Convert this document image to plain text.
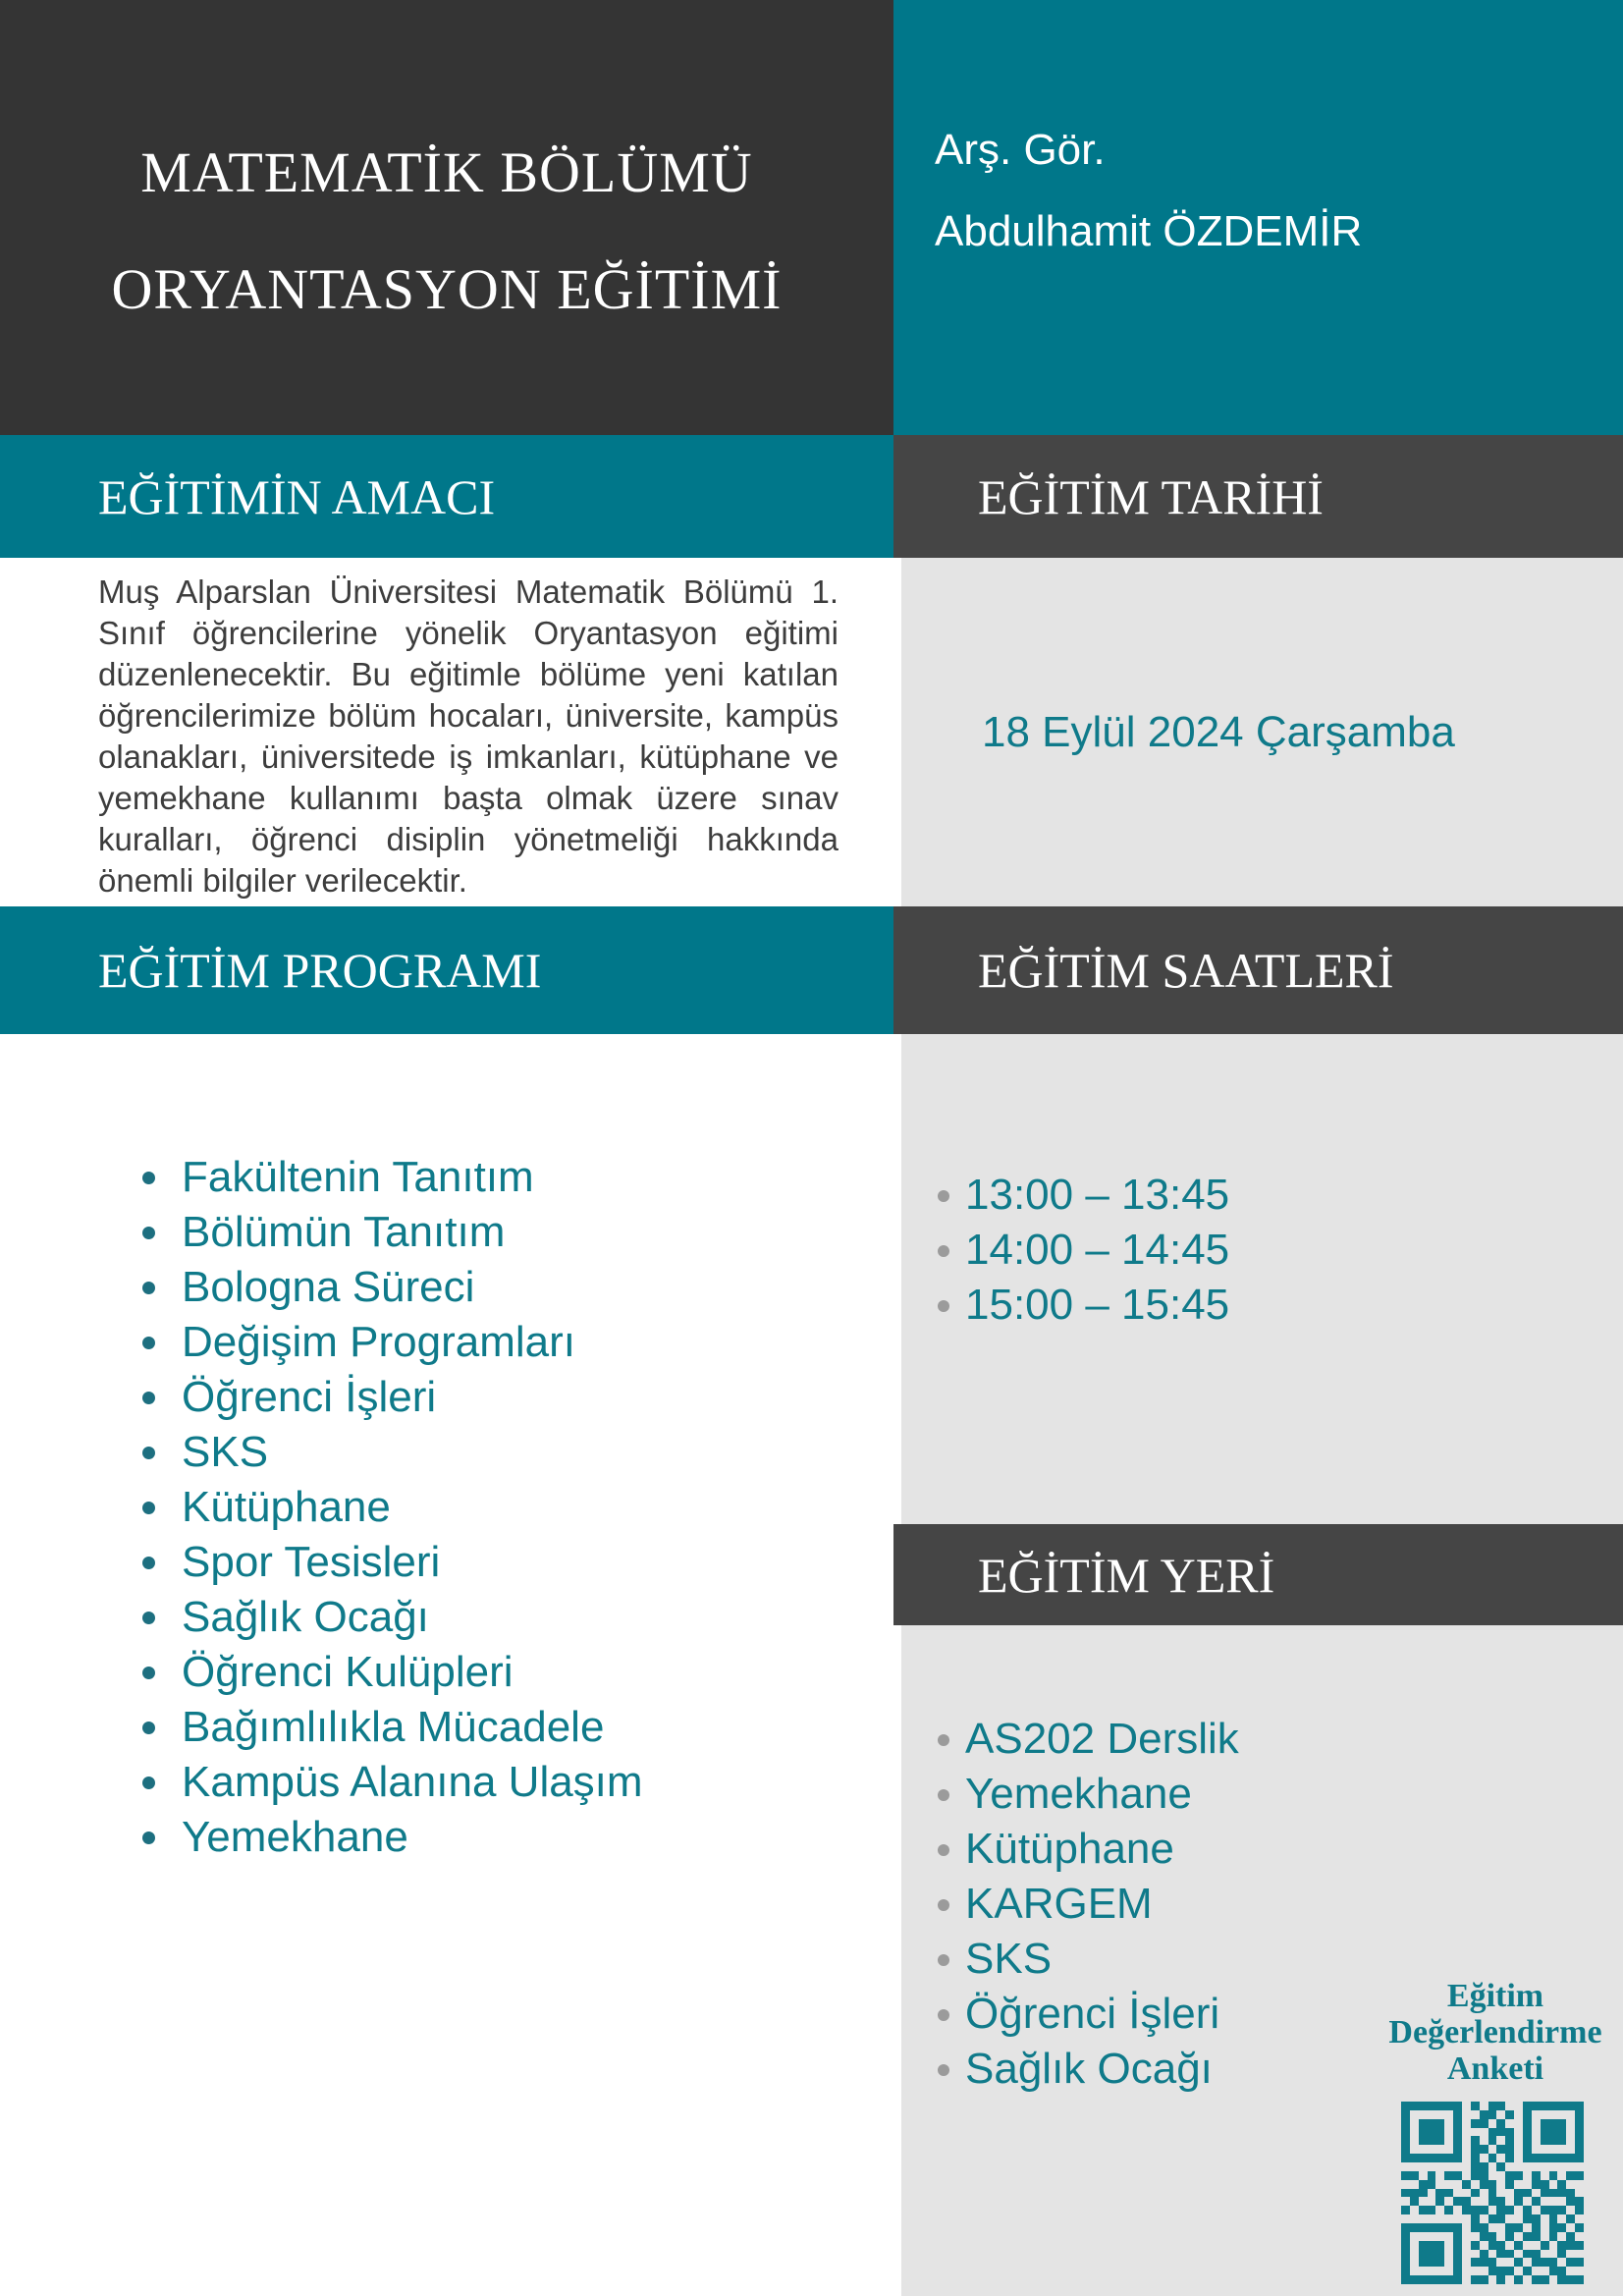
MATEMATİK BÖLÜMÜ
ORYANTASYON EĞİTİMİ
Arş. Gör.
Abdulhamit ÖZDEMİR
EĞİTİMİN AMACI	EĞİTİM TARİHİ
EĞİTİM PROGRAMI	EĞİTİM SAATLERİ
EĞİTİM YERİ

Muş Alparslan Üniversitesi Matematik Bölümü 1. Sınıf öğrencilerine yönelik Oryantasyon eğitimi düzenlenecektir. Bu eğitimle bölüme yeni katılan öğrencilerimize bölüm hocaları, üniversite, kampüs olanakları, üniversitede iş imkanları, kütüphane ve yemekhane kullanımı başta olmak üzere sınav kuralları, öğrenci disiplin yönetmeliği hakkında önemli bilgiler verilecektir.

18 Eylül 2024 Çarşamba
Fakültenin Tanıtım
Bölümün Tanıtım
Bologna Süreci
Değişim Programları
Öğrenci İşleri
SKS
Kütüphane
Spor Tesisleri
Sağlık Ocağı
Öğrenci Kulüpleri
Bağımlılıkla Mücadele
Kampüs Alanına Ulaşım
Yemekhane
13:00 – 13:45
14:00 – 14:45
15:00 – 15:45
AS202 Derslik
Yemekhane
Kütüphane
KARGEM
SKS
Öğrenci İşleri
Sağlık Ocağı
Eğitim
Değerlendirme
Anketi
